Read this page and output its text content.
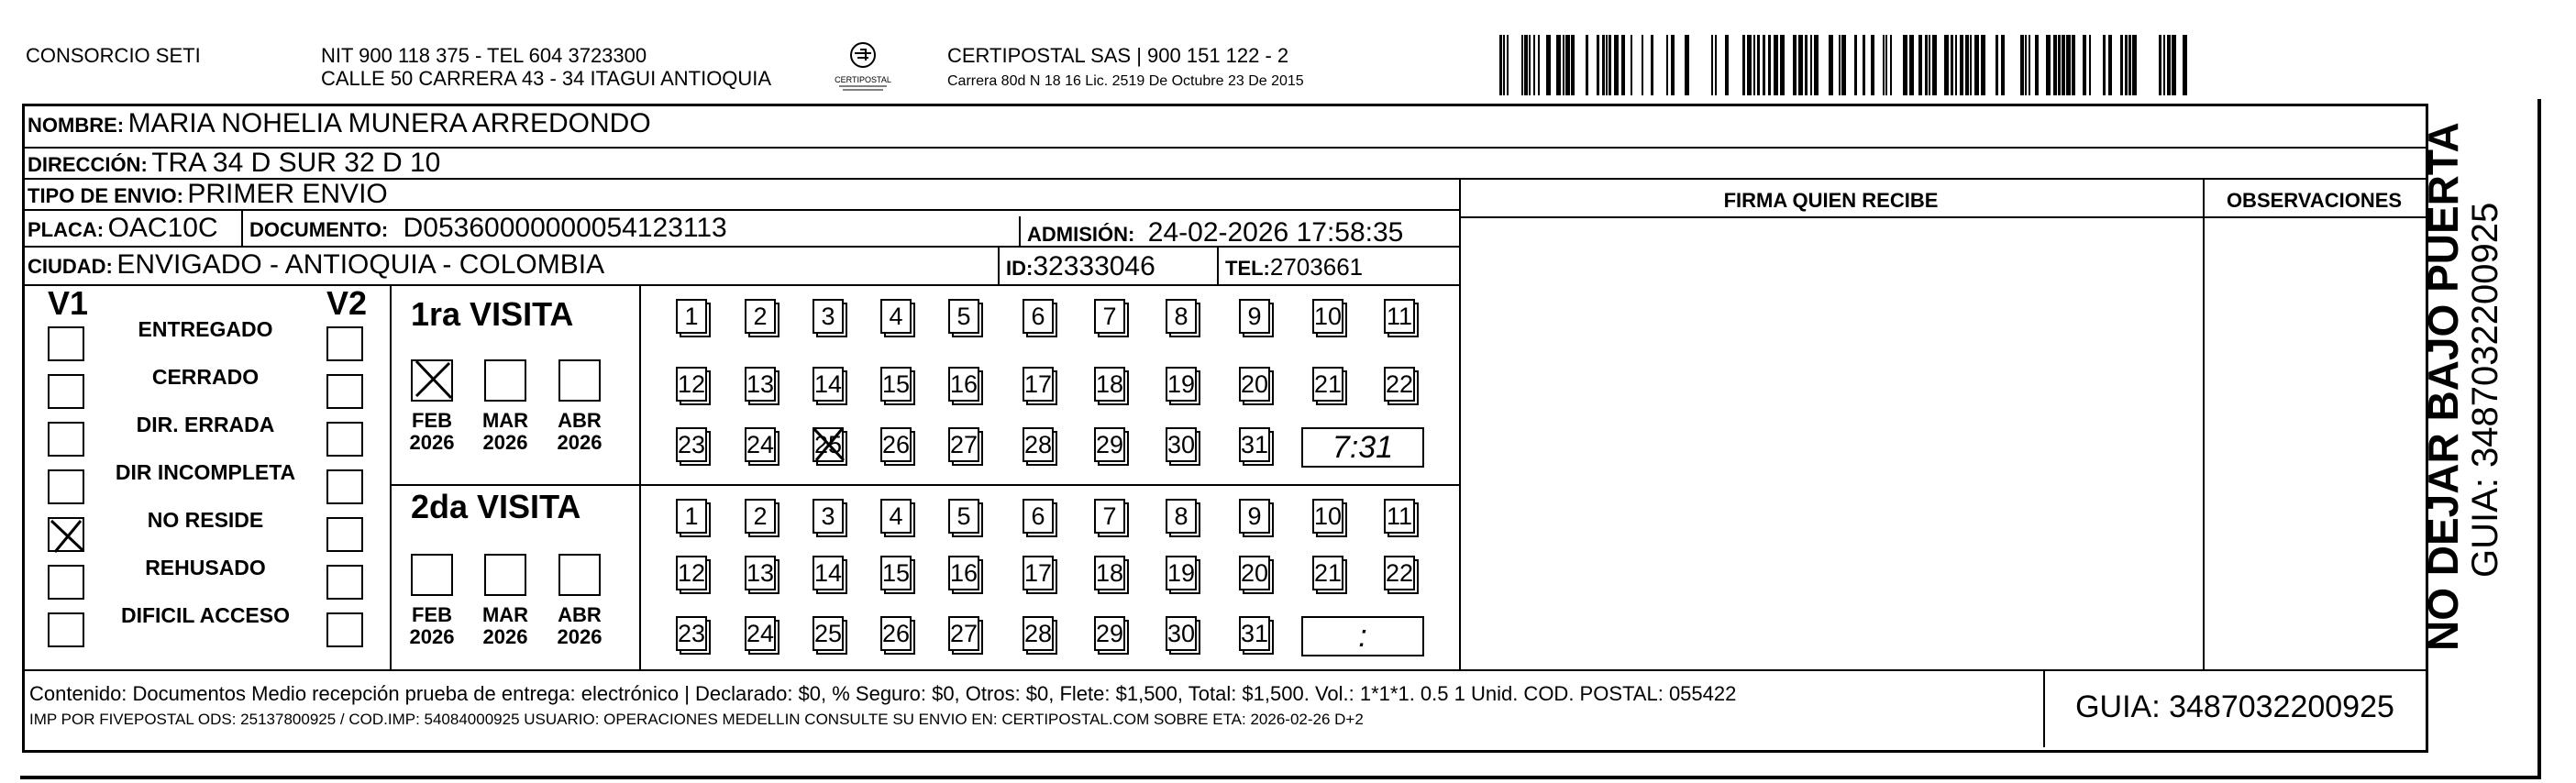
CONSORCIO SETI	NIT 900 118 375 - TEL 604 3723300
CALLE 50 CARRERA 43 - 34 ITAGUI ANTIOQUIA	CERTIPOSTAL
CERTIPOSTAL SAS | 900 151 122 - 2
Carrera 80d N 18 16 Lic. 2519 De Octubre 23 De 2015
NOMBRE: MARIA NOHELIA MUNERA ARREDONDO
DIRECCIÓN: TRA 34 D SUR 32 D 10
TIPO DE ENVIO: PRIMER ENVIO
PLACA: OAC10C DOCUMENTO: D05360000000054123113	ADMISIÓN: 24-02-2026 17:58:35
CIUDAD: ENVIGADO - ANTIOQUIA - COLOMBIA	ID:32333046	TEL:2703661
FIRMA QUIEN RECIBE	OBSERVACIONES
V1	V2
ENTREGADO
CERRADO
DIR. ERRADA
DIR INCOMPLETA
NO RESIDE
REHUSADO
DIFICIL ACCESO
1ra VISITA
FEB
2026
MAR
2026
ABR
2026
1	2	3	4	5	6	7	8	9	10 11
12 13 14 15 16 17 18 19 20 21 22
23 24 25 26 27 28 29 30 31	7:31
2da VISITA
FEB
2026
MAR
2026
ABR
2026
1	2	3	4	5	6	7	8	9	10 11
12 13 14 15 16 17 18 19 20 21 22
23 24 25 26 27 28 29 30 31	:
Contenido: Documentos Medio recepción prueba de entrega: electrónico | Declarado: $0, % Seguro: $0, Otros: $0, Flete: $1,500, Total: $1,500. Vol.: 1*1*1. 0.5 1 Unid. COD. POSTAL: 055422
IMP POR FIVEPOSTAL ODS: 25137800925 / COD.IMP: 54084000925 USUARIO: OPERACIONES MEDELLIN CONSULTE SU ENVIO EN: CERTIPOSTAL.COM SOBRE ETA: 2026-02-26 D+2	GUIA: 3487032200925
NO DEJAR BAJO PUERTA
GUIA: 3487032200925
